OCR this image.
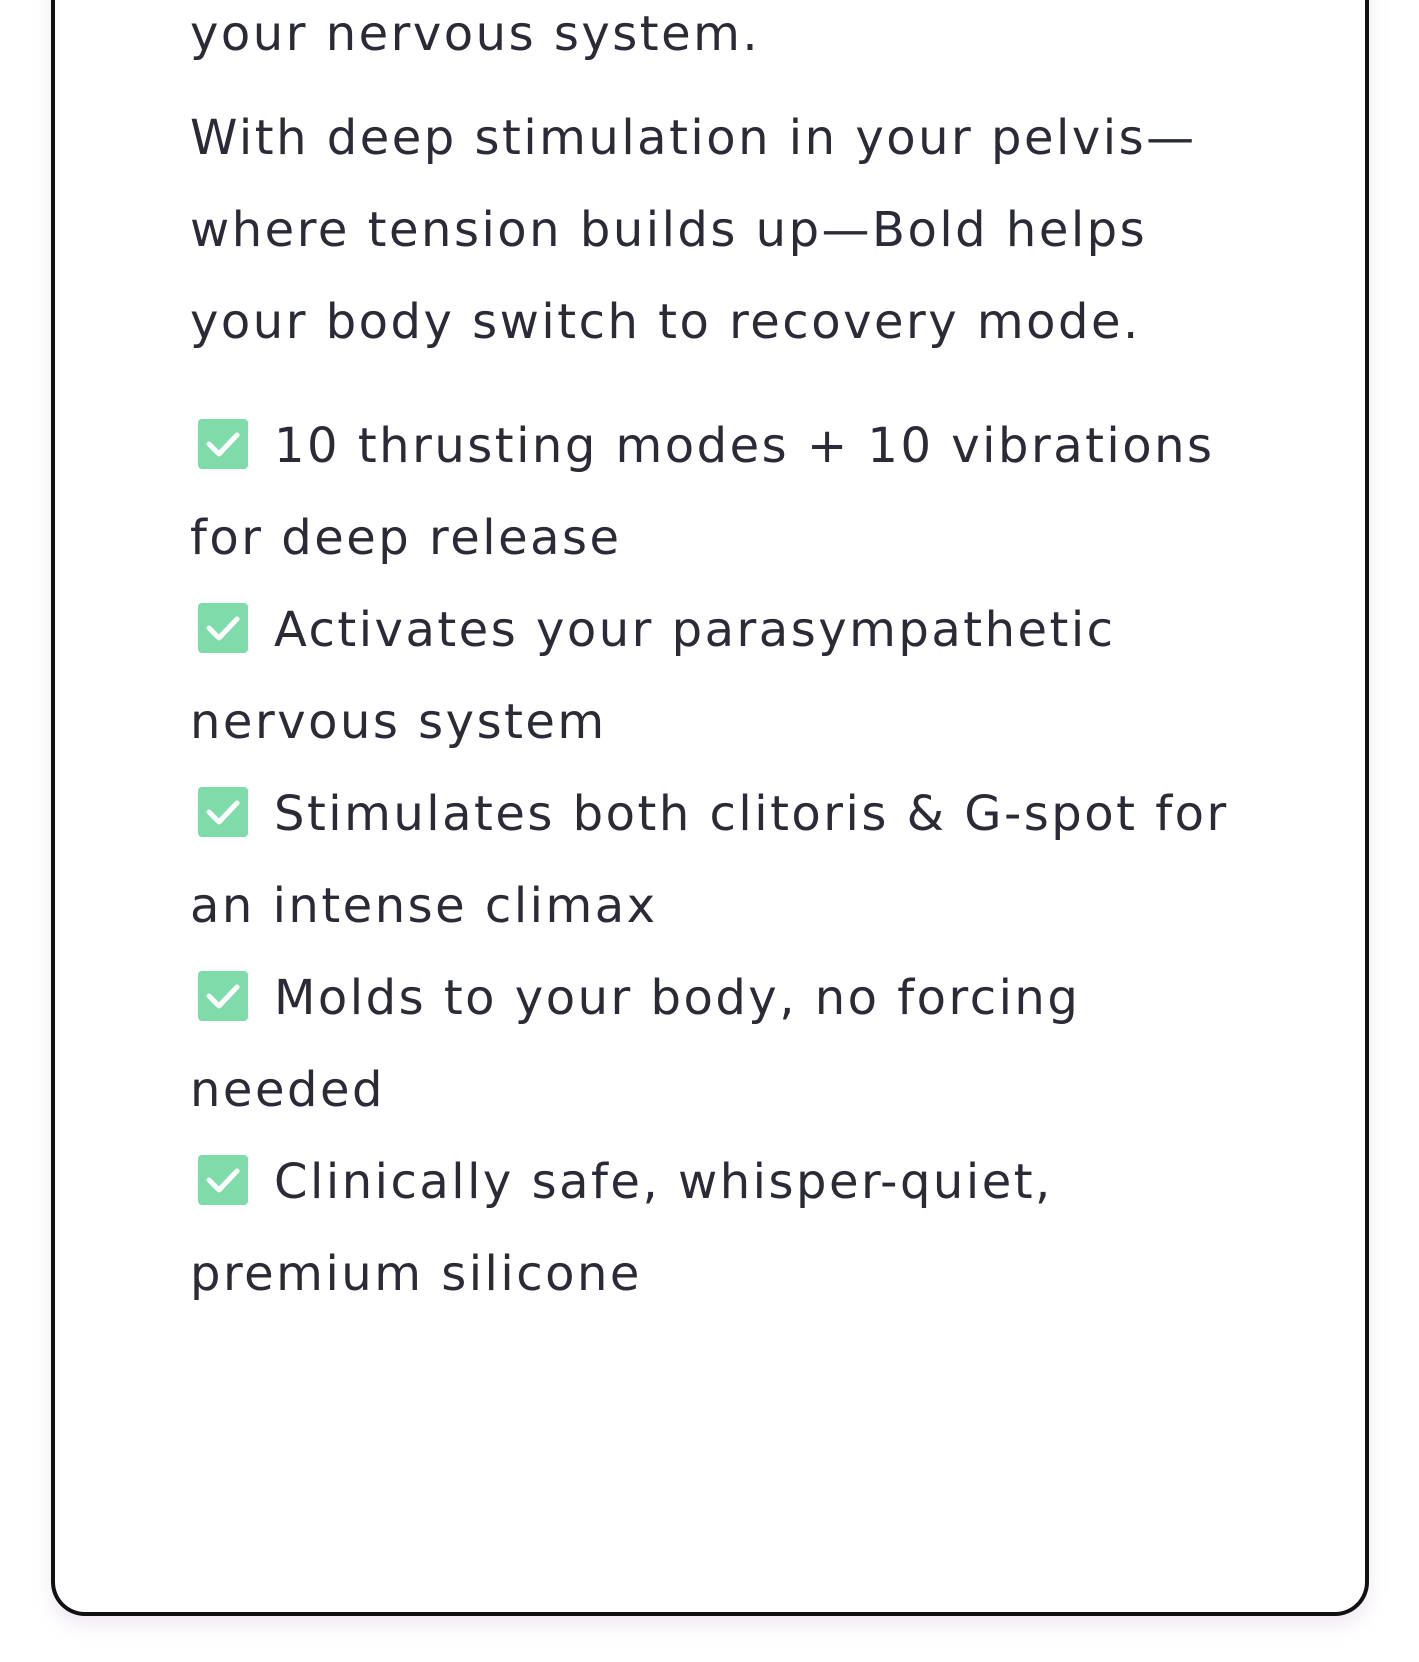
your nervous system.

With deep stimulation in your pelvis—where tension builds up—Bold helps your body switch to recovery mode.

10 thrusting modes + 10 vibrations for deep release
Activates your parasympathetic nervous system
Stimulates both clitoris & G-spot for an intense climax
Molds to your body, no forcing needed
Clinically safe, whisper-quiet, premium silicone
